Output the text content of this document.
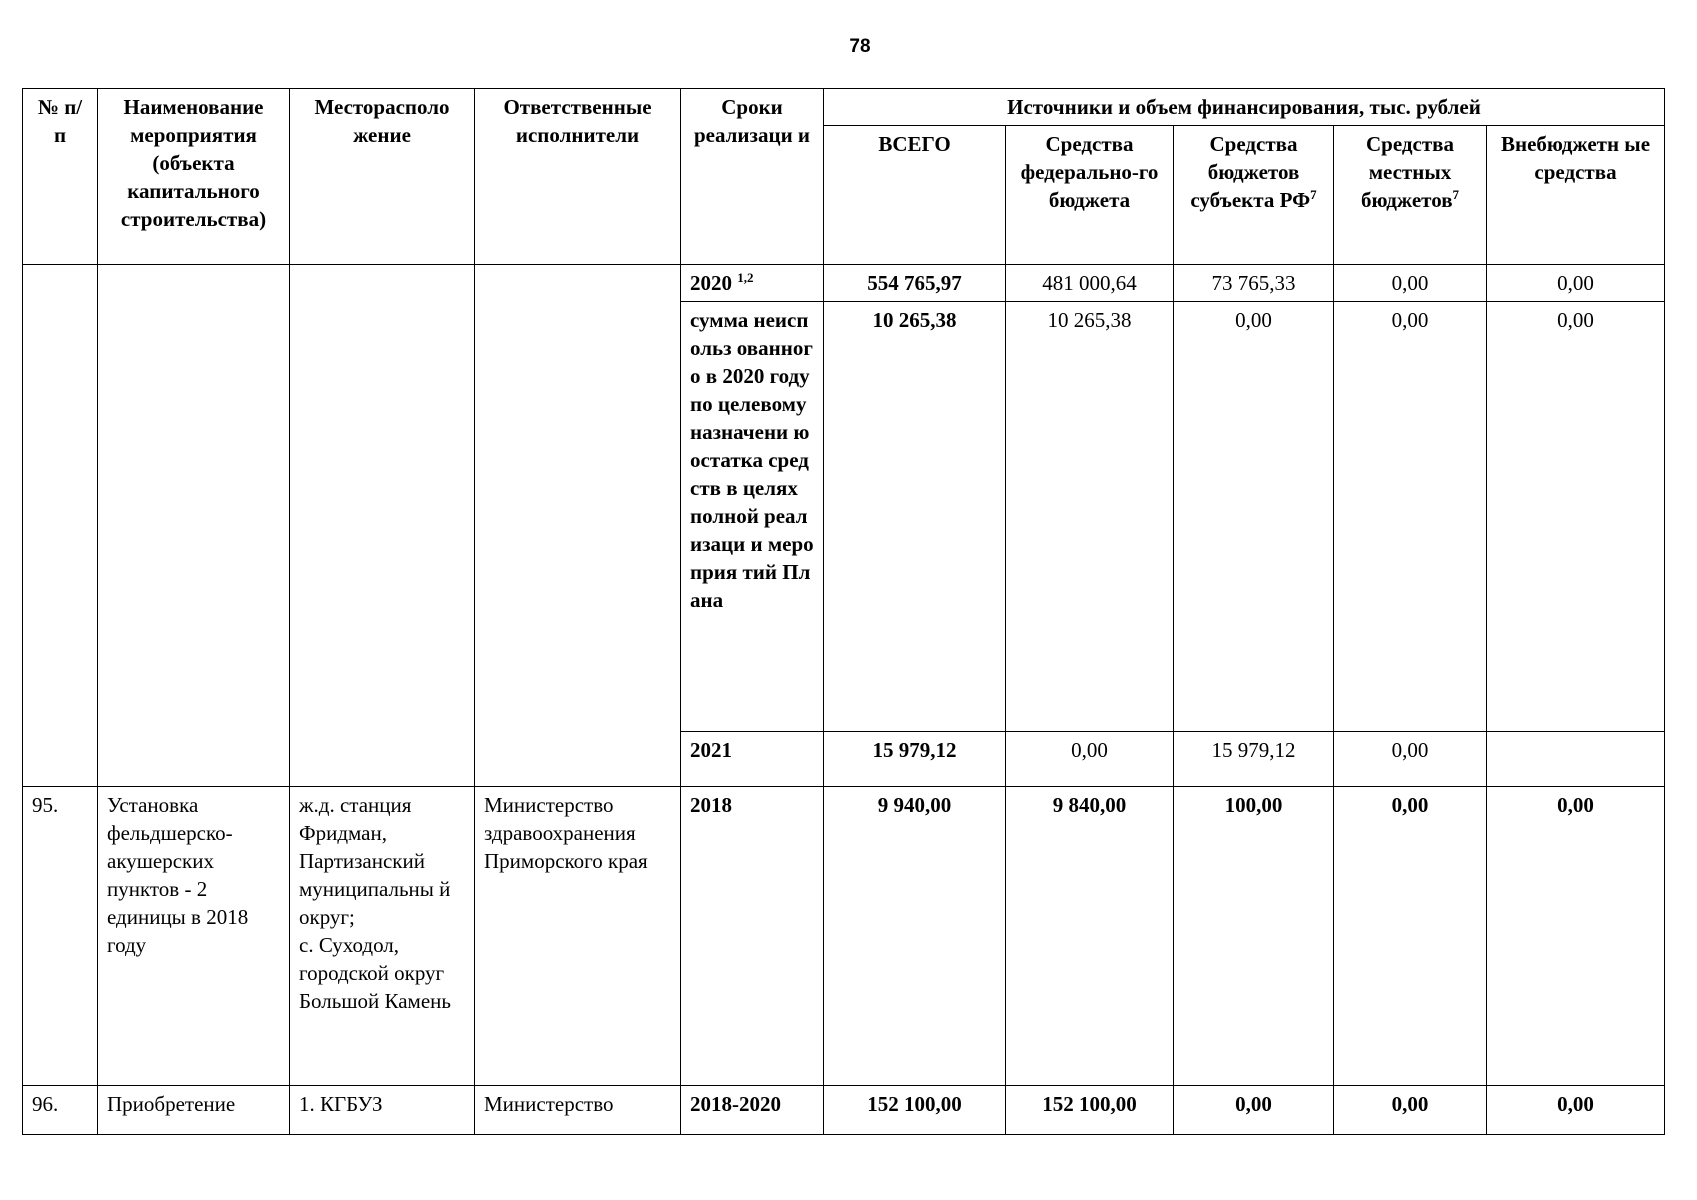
78
№ п/п	Наименование мероприятия (объекта капитального строительства)	Месторасполо жение	Ответственные исполнители	Сроки реализаци и	Источники и объем финансирования, тыс. рублей				
					ВСЕГО	Средства федерально-го бюджета	Средства бюджетов субъекта $РФ^7$	Средства местных бюджетов$^7$	Внебюджетн ые средства
				2020 $^{1,2}$	554 765,97	481 000,64	73 765,33	0,00	0,00
				сумма неиспольз ованного в 2020 году по целевому назначени ю остатка средств в целях полной реализаци и мероприя тий Плана	10 265,38	10 265,38	0,00	0,00	0,00
				2021	15 979,12	0,00	15 979,12	0,00	
95.	Установка фельдшерско-акушерских пунктов - 2 единицы в 2018 году	ж.д. станция Фридман, Партизанский муниципальны й округ;
с. Суходол, городской округ Большой Камень	Министерство здравоохранения Приморского края	2018	9 940,00	9 840,00	100,00	0,00	0,00
96.	Приобретение	1. КГБУЗ	Министерство	2018-2020	152 100,00	152 100,00	0,00	0,00	0,00
